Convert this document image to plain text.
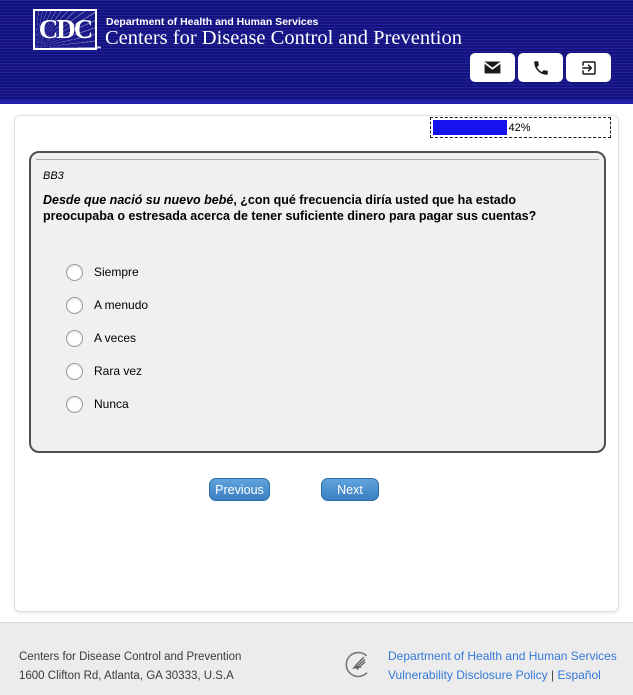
CDC
℠
Department of Health and Human Services
Centers for Disease Control and Prevention
42%
BB3
Desde que nació su nuevo bebé, ¿con qué frecuencia diría usted que ha estado preocupaba o estresada acerca de tener suficiente dinero para pagar sus cuentas?
Siempre
A menudo
A veces
Rara vez
Nunca
Previous	Next
Centers for Disease Control and Prevention
1600 Clifton Rd, Atlanta, GA 30333, U.S.A
Department of Health and Human Services
Vulnerability Disclosure Policy | Español
